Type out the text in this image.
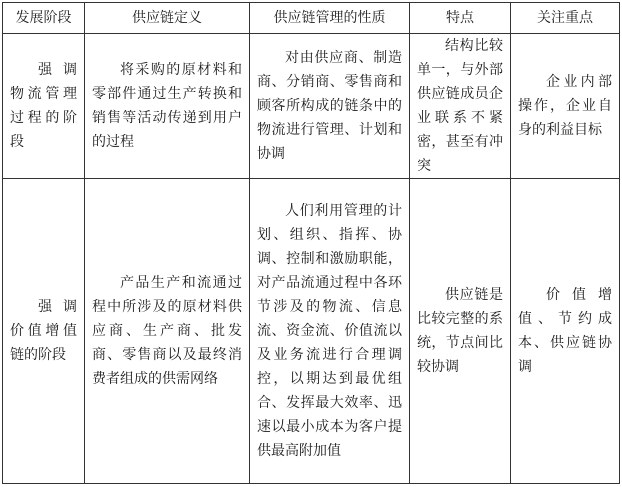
发展阶段	供应链定义	供应链管理的性质	特点	关注重点

强调物流管理过程的阶段	将采购的原材料和零部件通过生产转换和销售等活动传递到用户的过程	对由供应商、制造商、分销商、零售商和顾客所构成的链条中的物流进行管理、计划和协调	结构比较单一，与外部供应链成员企业联系不紧密，甚至有冲突	企业内部操作，企业自身的利益目标

强调价值增值链的阶段	产品生产和流通过程中所涉及的原材料供应商、生产商、批发商、零售商以及最终消费者组成的供需网络	人们利用管理的计划、组织、指挥、协调、控制和激励职能，对产品流通过程中各环节涉及的物流、信息流、资金流、价值流以及业务流进行合理调控，以期达到最优组合、发挥最大效率、迅速以最小成本为客户提供最高附加值	供应链是比较完整的系统，节点间比较协调	价值增值、节约成本、供应链协调
